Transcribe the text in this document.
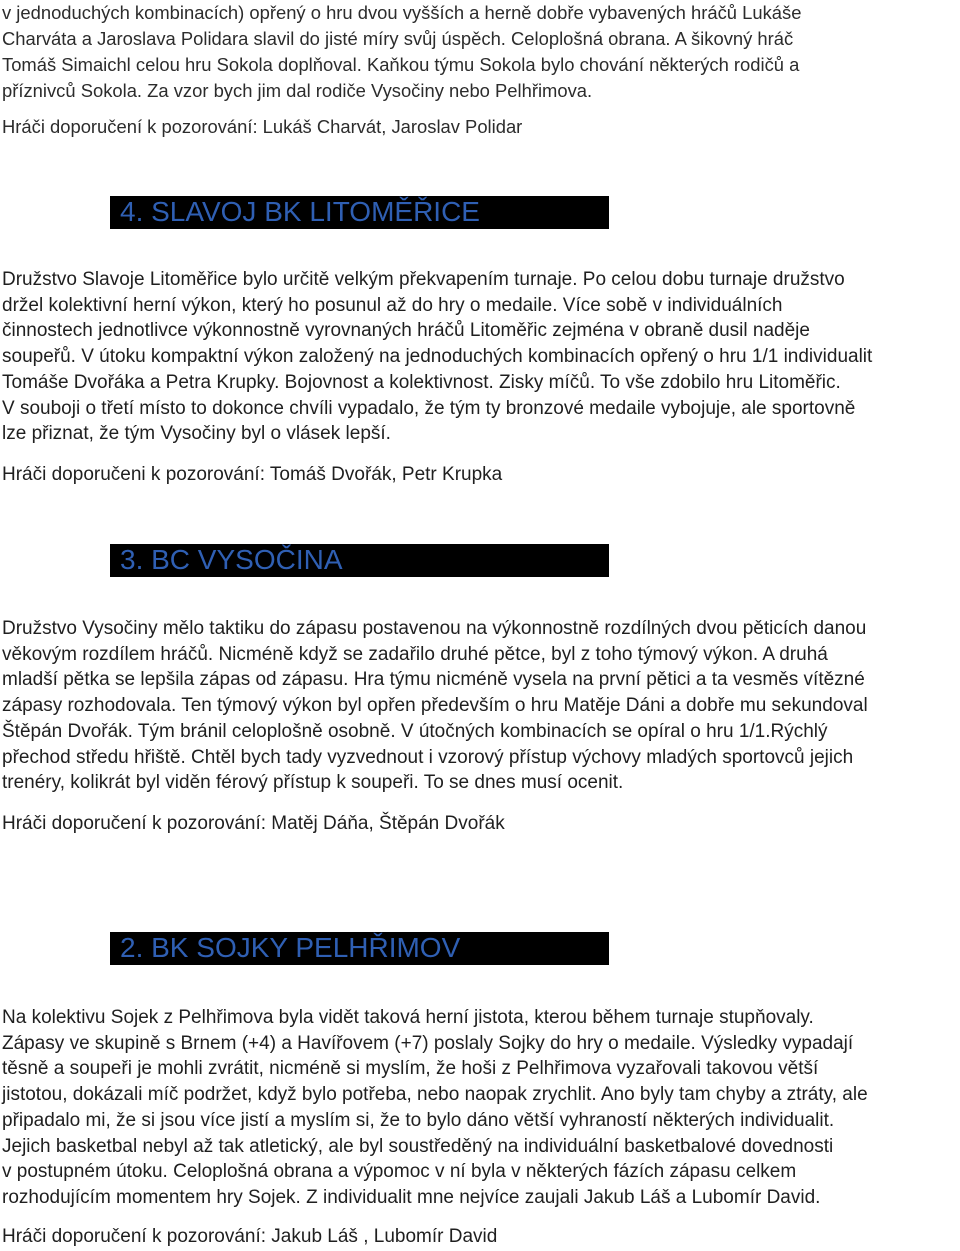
v jednoduchých kombinacích) opřený o hru dvou vyšších a herně dobře vybavených hráčů Lukáše
Charváta a Jaroslava Polidara slavil do jisté míry svůj úspěch. Celoplošná obrana. A šikovný hráč
Tomáš Simaichl celou hru Sokola doplňoval. Kaňkou týmu Sokola bylo chování některých rodičů a
příznivců Sokola. Za vzor bych jim dal rodiče Vysočiny nebo Pelhřimova.
Hráči doporučení k pozorování: Lukáš Charvát, Jaroslav Polidar
4. SLAVOJ BK LITOMĚŘICE
Družstvo Slavoje Litoměřice bylo určitě velkým překvapením turnaje. Po celou dobu turnaje družstvo
držel kolektivní herní výkon, který ho posunul až do hry o medaile. Více sobě v individuálních
činnostech jednotlivce výkonnostně vyrovnaných hráčů Litoměřic zejména v obraně dusil naděje
soupeřů. V útoku kompaktní výkon založený na jednoduchých kombinacích opřený o hru 1/1 individualit
Tomáše Dvořáka a Petra Krupky. Bojovnost a kolektivnost. Zisky míčů. To vše zdobilo hru Litoměřic.
V souboji o třetí místo to dokonce chvíli vypadalo, že tým ty bronzové medaile vybojuje, ale sportovně
lze přiznat, že tým Vysočiny byl o vlásek lepší.
Hráči doporučeni k pozorování: Tomáš Dvořák, Petr Krupka
3. BC VYSOČINA
Družstvo Vysočiny mělo taktiku do zápasu postavenou na výkonnostně rozdílných dvou pěticích danou
věkovým rozdílem hráčů. Nicméně když se zadařilo druhé pětce, byl z toho týmový výkon. A druhá
mladší pětka se lepšila zápas od zápasu. Hra týmu nicméně vysela na první pětici a ta vesměs vítězné
zápasy rozhodovala. Ten týmový výkon byl opřen především o hru Matěje Dáni a dobře mu sekundoval
Štěpán Dvořák. Tým bránil celoplošně osobně. V útočných kombinacích se opíral o hru 1/1.Rýchlý
přechod středu hřiště. Chtěl bych tady vyzvednout i vzorový přístup výchovy mladých sportovců jejich
trenéry, kolikrát byl viděn férový přístup k soupeři. To se dnes musí ocenit.
Hráči doporučení k pozorování: Matěj Dáňa, Štěpán Dvořák
2. BK SOJKY PELHŘIMOV
Na kolektivu Sojek z Pelhřimova byla vidět taková herní jistota, kterou během turnaje stupňovaly.
Zápasy ve skupině s Brnem (+4) a Havířovem (+7) poslaly Sojky do hry o medaile. Výsledky vypadají
těsně a soupeři je mohli zvrátit, nicméně si myslím, že hoši z Pelhřimova vyzařovali takovou větší
jistotou, dokázali míč podržet, když bylo potřeba, nebo naopak zrychlit. Ano byly tam chyby a ztráty, ale
připadalo mi, že si jsou více jistí a myslím si, že to bylo dáno větší vyhraností některých individualit.
Jejich basketbal nebyl až tak atletický, ale byl soustředěný na individuální basketbalové dovednosti
v postupném útoku. Celoplošná obrana a výpomoc v ní byla v některých fázích zápasu celkem
rozhodujícím momentem hry Sojek. Z individualit mne nejvíce zaujali Jakub Láš a Lubomír David.
Hráči doporučení k pozorování: Jakub Láš , Lubomír David
